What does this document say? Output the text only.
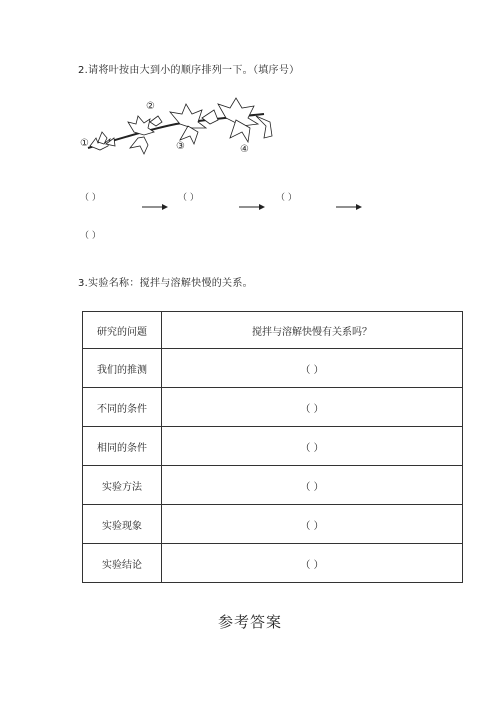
2.请将叶按由大到小的顺序排列一下。（填序号）
①
②
③	④
（ ）	（ ）	（ ）
（ ）
3.实验名称：搅拌与溶解快慢的关系。
研究的问题	搅拌与溶解快慢有关系吗？
我们的推测	（ ）
不同的条件	（ ）
相同的条件	（ ）
实验方法	（ ）
实验现象	（ ）
实验结论	（ ）
参考答案
